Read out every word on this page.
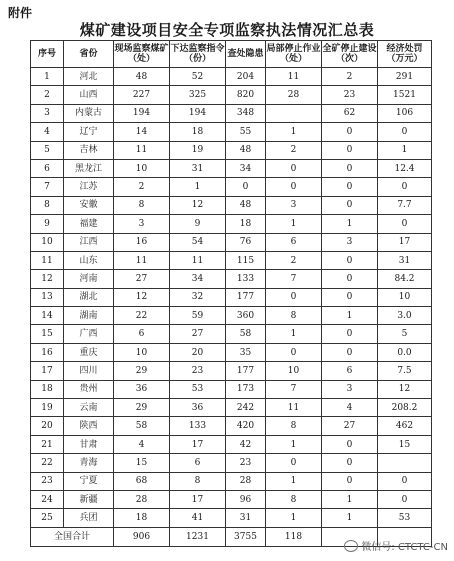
附件
煤矿建设项目安全专项监察执法情况汇总表
序号	省份	现场监察煤矿（处）	下达监察指令（份）	查处隐患	局部停止作业（处）	全矿停止建设（次）	经济处罚（万元）
1	河北	48	52	204	11	2	291
2	山西	227	325	820	28	23	1521
3	内蒙古	194	194	348		62	106
4	辽宁	14	18	55	1	0	0
5	吉林	11	19	48	2	0	1
6	黑龙江	10	31	34	0	0	12.4
7	江苏	2	1	0	0	0	0
8	安徽	8	12	48	3	0	7.7
9	福建	3	9	18	1	1	0
10	江西	16	54	76	6	3	17
11	山东	11	11	115	2	0	31
12	河南	27	34	133	7	0	84.2
13	湖北	12	32	177	0	0	10
14	湖南	22	59	360	8	1	3.0
15	广西	6	27	58	1	0	5
16	重庆	10	20	35	0	0	0.0
17	四川	29	23	177	10	6	7.5
18	贵州	36	53	173	7	3	12
19	云南	29	36	242	11	4	208.2
20	陕西	58	133	420	8	27	462
21	甘肃	4	17	42	1	0	15
22	青海	15	6	23	0	0	
23	宁夏	68	8	28	1	0	0
24	新疆	28	17	96	8	1	0
25	兵团	18	41	31	1	1	53
全国合计		906	1231	3755	118		
微信号: CTCTC-CN
